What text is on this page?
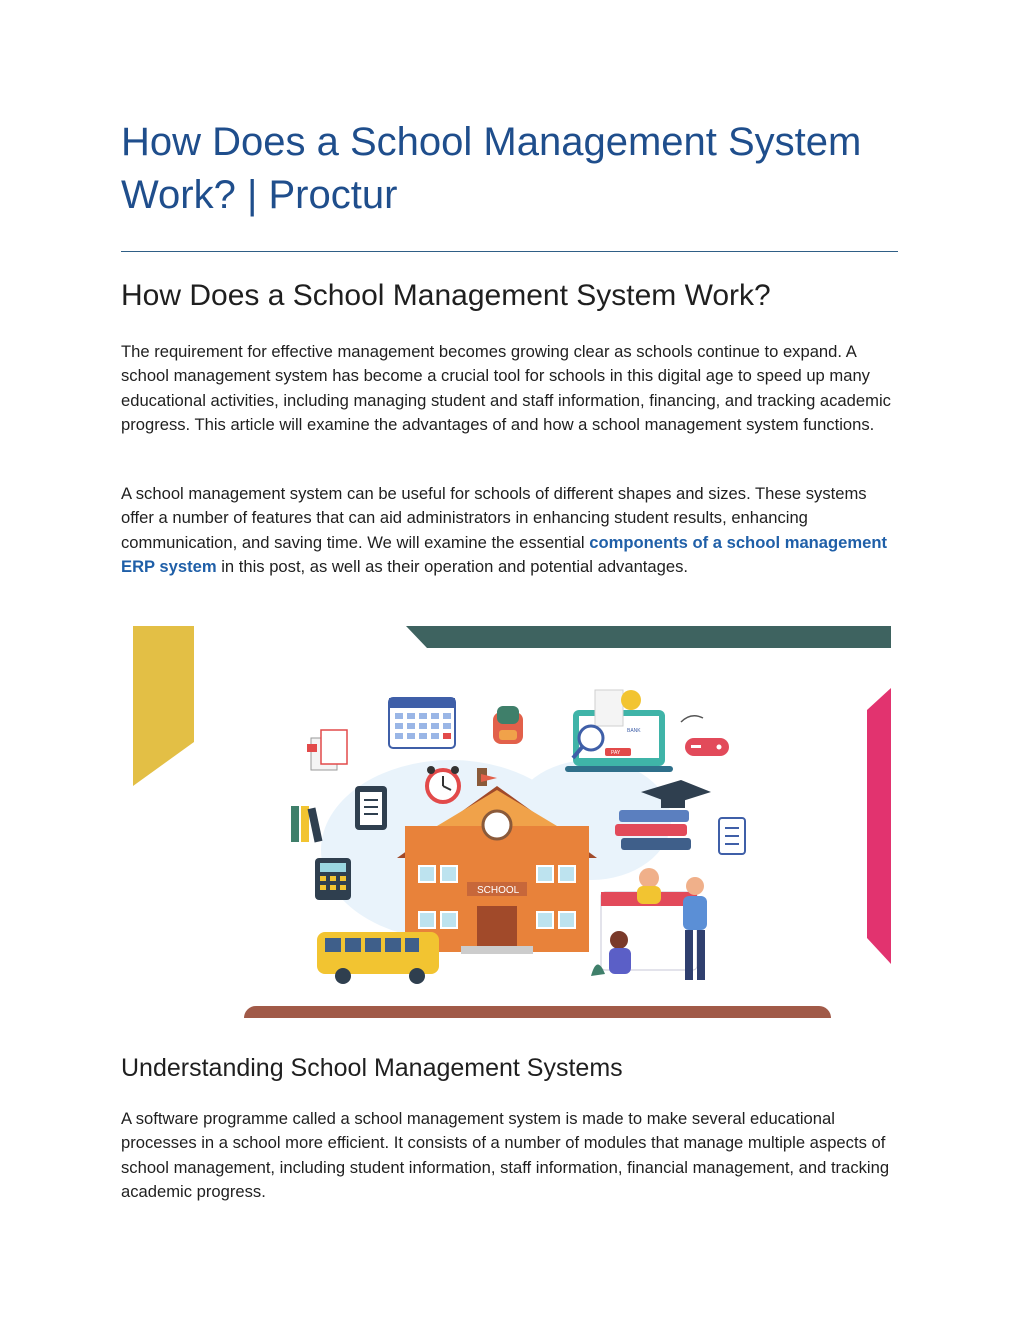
How Does a School Management System Work? | Proctur
How Does a School Management System Work?

The requirement for effective management becomes growing clear as schools continue to expand. A school management system has become a crucial tool for schools in this digital age to speed up many educational activities, including managing student and staff information, financing, and tracking academic progress. This article will examine the advantages of and how a school management system functions.

A school management system can be useful for schools of different shapes and sizes. These systems offer a number of features that can aid administrators in enhancing student results, enhancing communication, and saving time. We will examine the essential components of a school management ERP system in this post, as well as their operation and potential advantages.

BANK
PAY
SCHOOL
Understanding School Management Systems

A software programme called a school management system is made to make several educational processes in a school more efficient. It consists of a number of modules that manage multiple aspects of school management, including student information, staff information, financial management, and tracking academic progress.
